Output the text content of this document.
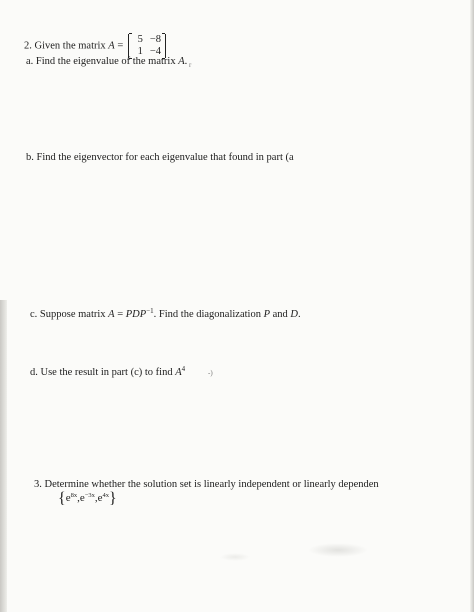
2. Given the matrix A =
5 −8
1 −4
a. Find the eigenvalue of the matrix A. r
b. Find the eigenvector for each eigenvalue that found in part (a
c. Suppose matrix $A = PDP^{-1}$. Find the diagonalization P and D.
d. Use the result in part (c) to find $A^4$	-)
3. Determine whether the solution set is linearly independent or linearly dependen
$\{e^{8x},e^{-3x},e^{4x}\}$
